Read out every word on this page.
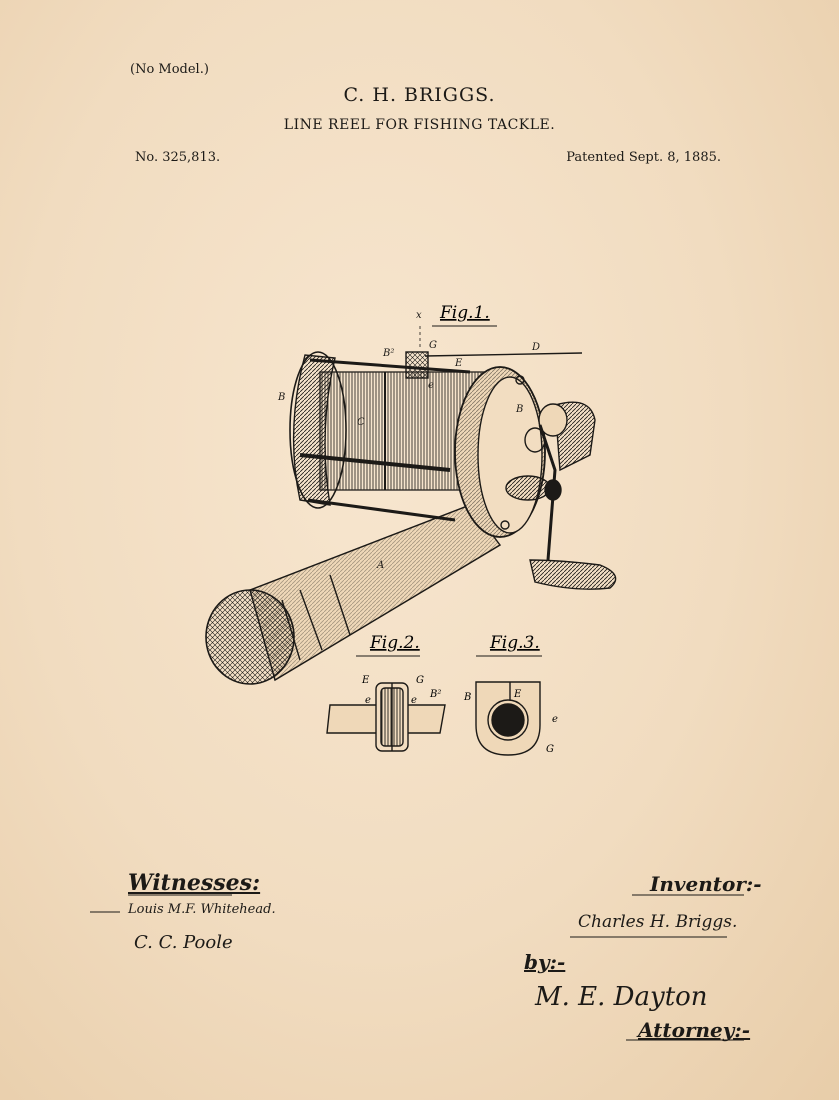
(No Model.)
C. H. BRIGGS.
LINE REEL FOR FISHING TACKLE.
No. 325,813.	Patented Sept. 8, 1885.
Fig.1.
x
B²
G
E
D
e
B
B
C
A
Fig.2.
E
e
G
e
B²
Fig.3.
B	E
e
G
Witnesses:
Louis M.F. Whitehead.
C. C. Poole
Inventor:-
Charles H. Briggs.
by:-
M. E. Dayton
Attorney:-
